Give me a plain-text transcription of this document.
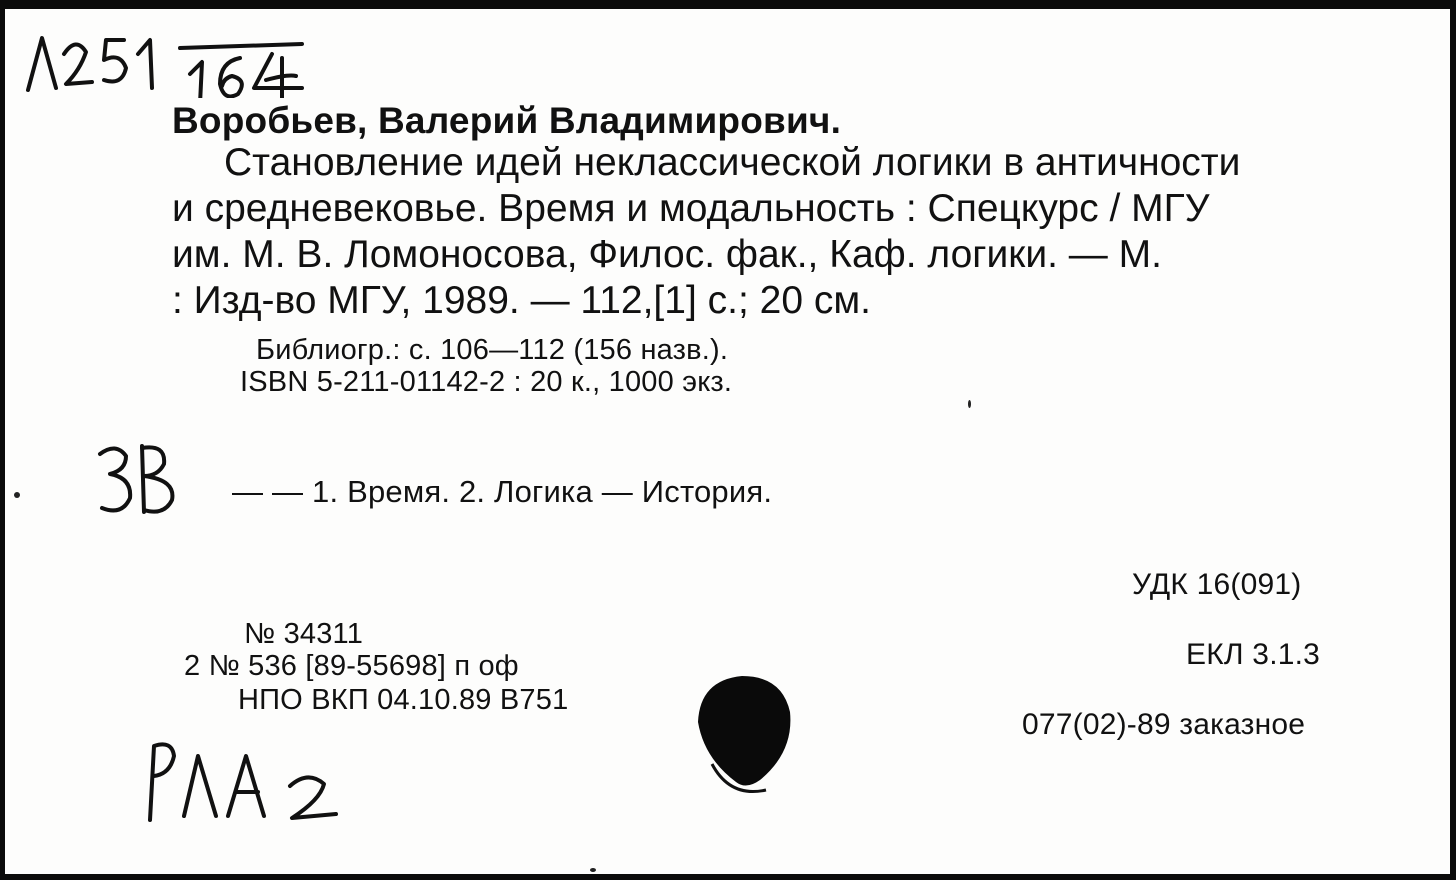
Воробьев, Валерий Владимирович.
Становление идей неклассической логики в античности
и средневековье. Время и модальность : Спецкурс / МГУ
им. М. В. Ломоносова, Филос. фак., Каф. логики. — М.
: Изд-во МГУ, 1989. — 112,[1] с.; 20 см.
Библиогр.: с. 106—112 (156 назв.).
ISBN 5-211-01142-2 : 20 к., 1000 экз.
— — 1. Время. 2. Логика — История.
УДК 16(091)
ЕКЛ 3.1.3
077(02)-89 заказное
№ 34311
2 № 536 [89-55698] п оф
НПО ВКП 04.10.89 В751
